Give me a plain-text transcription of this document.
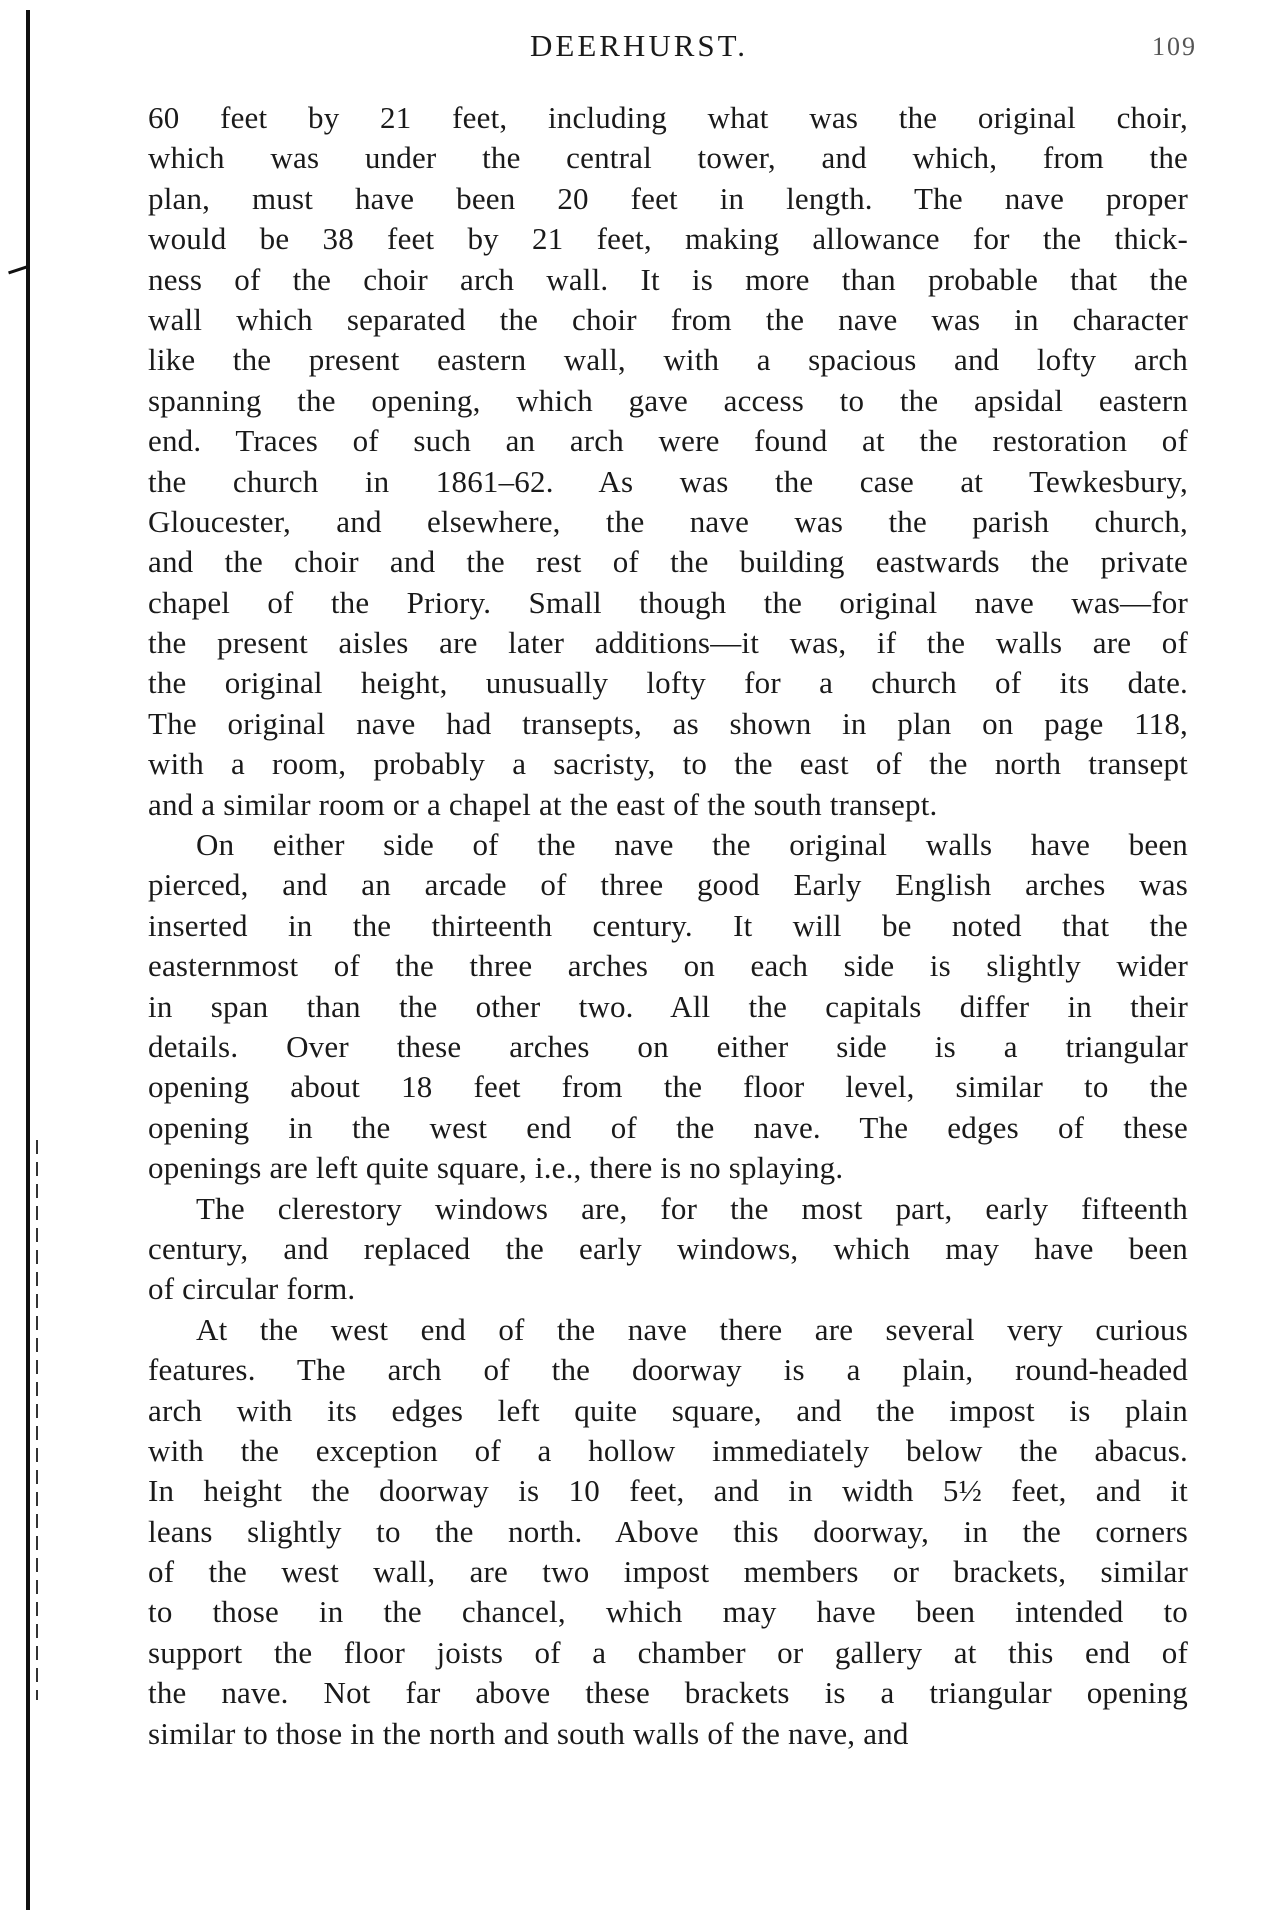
DEERHURST.	109
60 feet by 21 feet, including what was the original choir,
which was under the central tower, and which, from the
plan, must have been 20 feet in length. The nave proper
would be 38 feet by 21 feet, making allowance for the thick-
ness of the choir arch wall. It is more than probable that the
wall which separated the choir from the nave was in character
like the present eastern wall, with a spacious and lofty arch
spanning the opening, which gave access to the apsidal eastern
end. Traces of such an arch were found at the restoration of
the church in 1861–62. As was the case at Tewkesbury,
Gloucester, and elsewhere, the nave was the parish church,
and the choir and the rest of the building eastwards the private
chapel of the Priory. Small though the original nave was—for
the present aisles are later additions—it was, if the walls are of
the original height, unusually lofty for a church of its date.
The original nave had transepts, as shown in plan on page 118,
with a room, probably a sacristy, to the east of the north transept
and a similar room or a chapel at the east of the south transept.
On either side of the nave the original walls have been
pierced, and an arcade of three good Early English arches was
inserted in the thirteenth century. It will be noted that the
easternmost of the three arches on each side is slightly wider
in span than the other two. All the capitals differ in their
details. Over these arches on either side is a triangular
opening about 18 feet from the floor level, similar to the
opening in the west end of the nave. The edges of these
openings are left quite square, i.e., there is no splaying.
The clerestory windows are, for the most part, early fifteenth
century, and replaced the early windows, which may have been
of circular form.
At the west end of the nave there are several very curious
features. The arch of the doorway is a plain, round-headed
arch with its edges left quite square, and the impost is plain
with the exception of a hollow immediately below the abacus.
In height the doorway is 10 feet, and in width 5½ feet, and it
leans slightly to the north. Above this doorway, in the corners
of the west wall, are two impost members or brackets, similar
to those in the chancel, which may have been intended to
support the floor joists of a chamber or gallery at this end of
the nave. Not far above these brackets is a triangular opening
similar to those in the north and south walls of the nave, and
